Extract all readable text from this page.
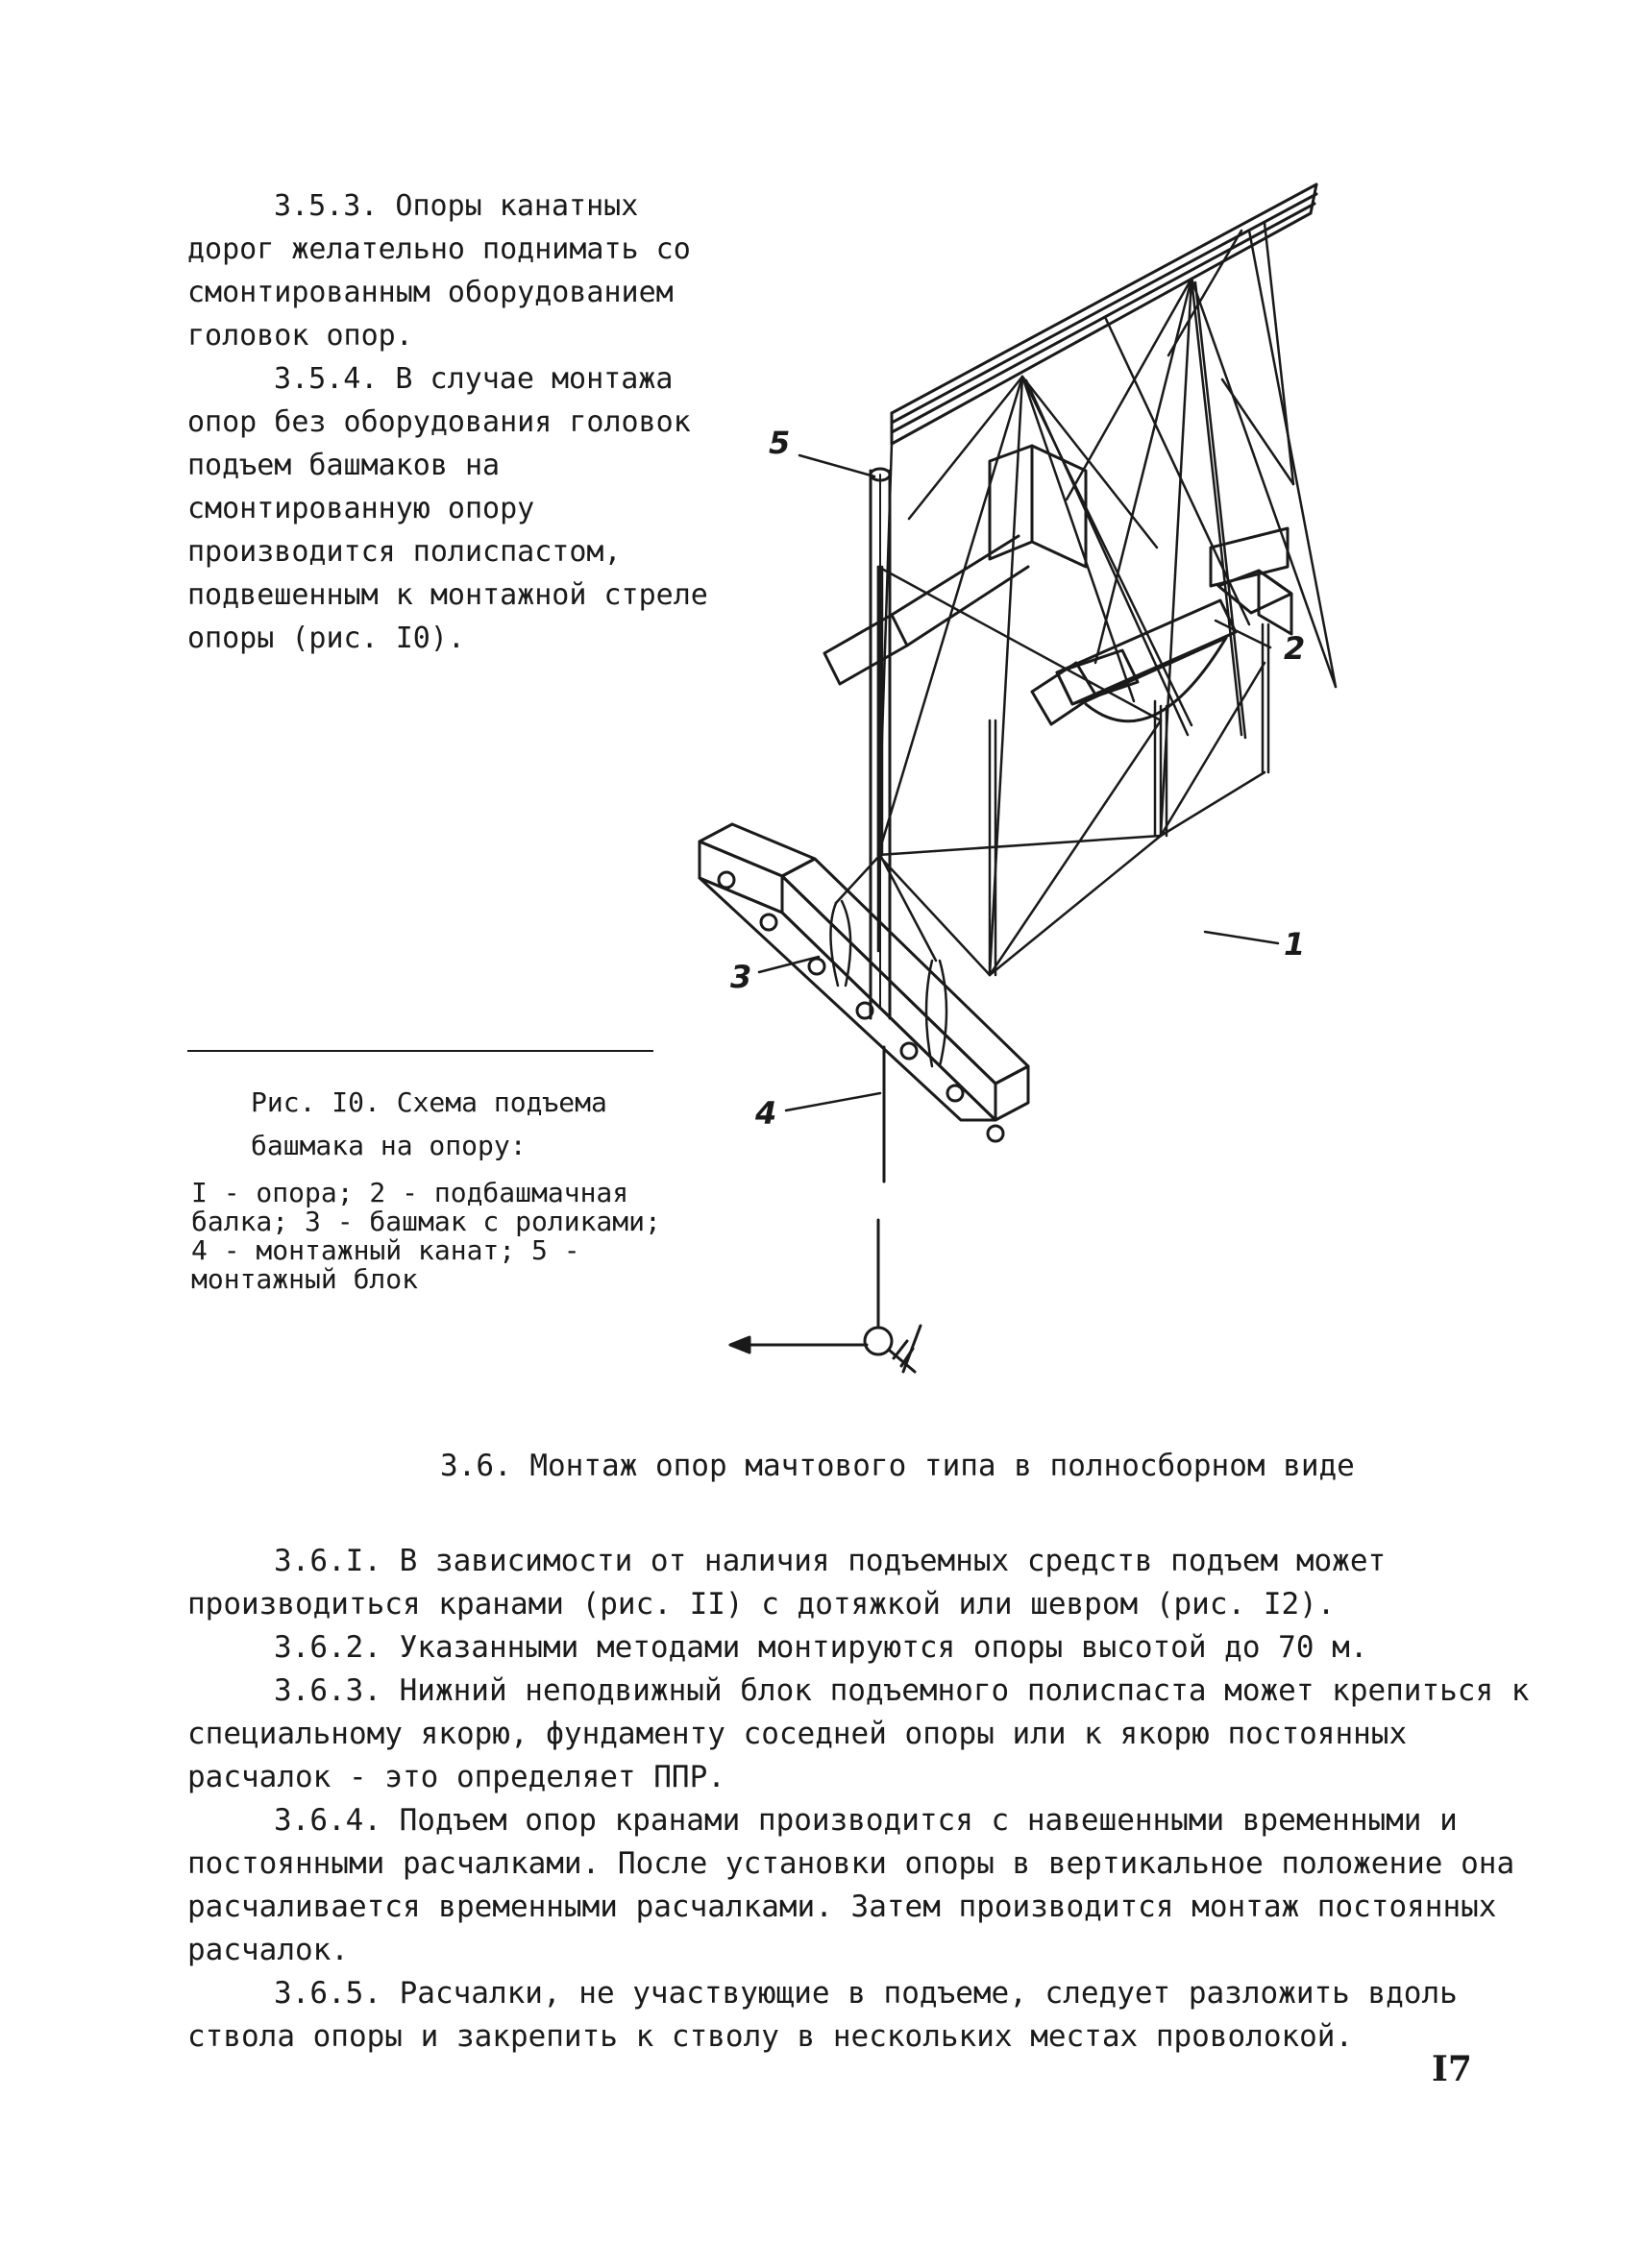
3.5.3. Опоры канатных дорог желательно поднимать со смонтированным оборудованием головок опор.

3.5.4. В случае монтажа опор без оборудования головок подъем башмаков на смонтированную опору производится полиспастом, подвешенным к монтажной стреле опоры (рис. I0).

Рис. I0. Схема подъема башмака на опору:
I - опора; 2 - подбашмачная балка; 3 - башмак с роликами; 4 - монтажный канат; 5 - монтажный блок
5
2
3
1
4
3.6. Монтаж опор мачтового типа в полносборном виде

3.6.I. В зависимости от наличия подъемных средств подъем может производиться кранами (рис. II) с дотяжкой или шевром (рис. I2).

3.6.2. Указанными методами монтируются опоры высотой до 70 м.

3.6.3. Нижний неподвижный блок подъемного полиспаста может крепиться к специальному якорю, фундаменту соседней опоры или к якорю постоянных расчалок - это определяет ППР.

3.6.4. Подъем опор кранами производится с навешенными временными и постоянными расчалками. После установки опоры в вертикальное положение она расчаливается временными расчалками. Затем производится монтаж постоянных расчалок.

3.6.5. Расчалки, не участвующие в подъеме, следует разложить вдоль ствола опоры и закрепить к стволу в нескольких местах проволокой.

I7
